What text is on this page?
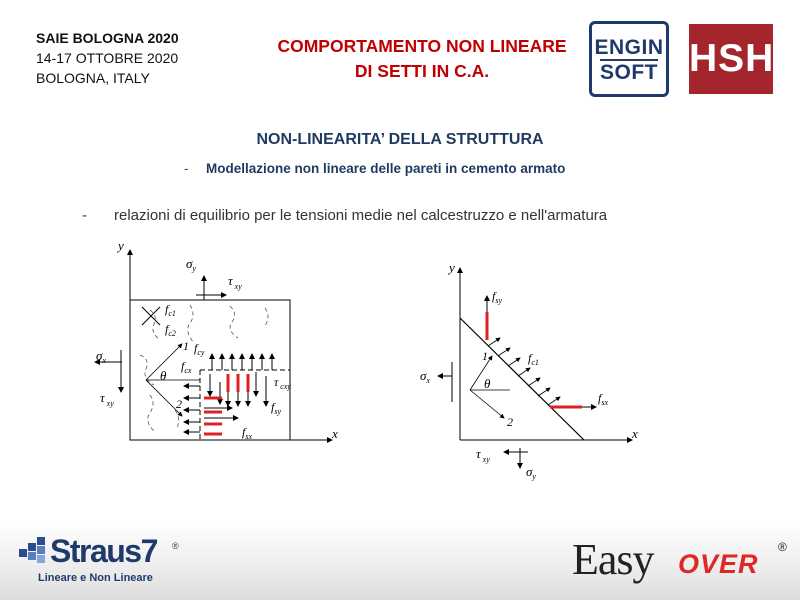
SAIE BOLOGNA 2020
14-17 OTTOBRE 2020
BOLOGNA, ITALY
COMPORTAMENTO NON LINEARE
DI SETTI IN C.A.
ENGIN
SOFT HSH
NON-LINEARITA’ DELLA STRUTTURA
- Modellazione non lineare delle pareti in cemento armato
- relazioni di equilibrio per le tensioni medie nel calcestruzzo e nell'armatura
y
x
$f_{c1}$
$f_{c2}$
$\sigma_y$
τ $_{xy}$
$\sigma_x$
τ $_{xy}$
θ
1
2
$f_{cy}$
$f_{cx}$
τ $_{cxy}$
$f_{sy}$
$f_{sx}$
y
x
$f_{sy}$
$f_{c1}$
$f_{sx}$
θ
1
2
$\sigma_x$
τ $_{xy}$
$\sigma_y$
Straus7 ®
Lineare e Non Lineare	Easy OVER
®
